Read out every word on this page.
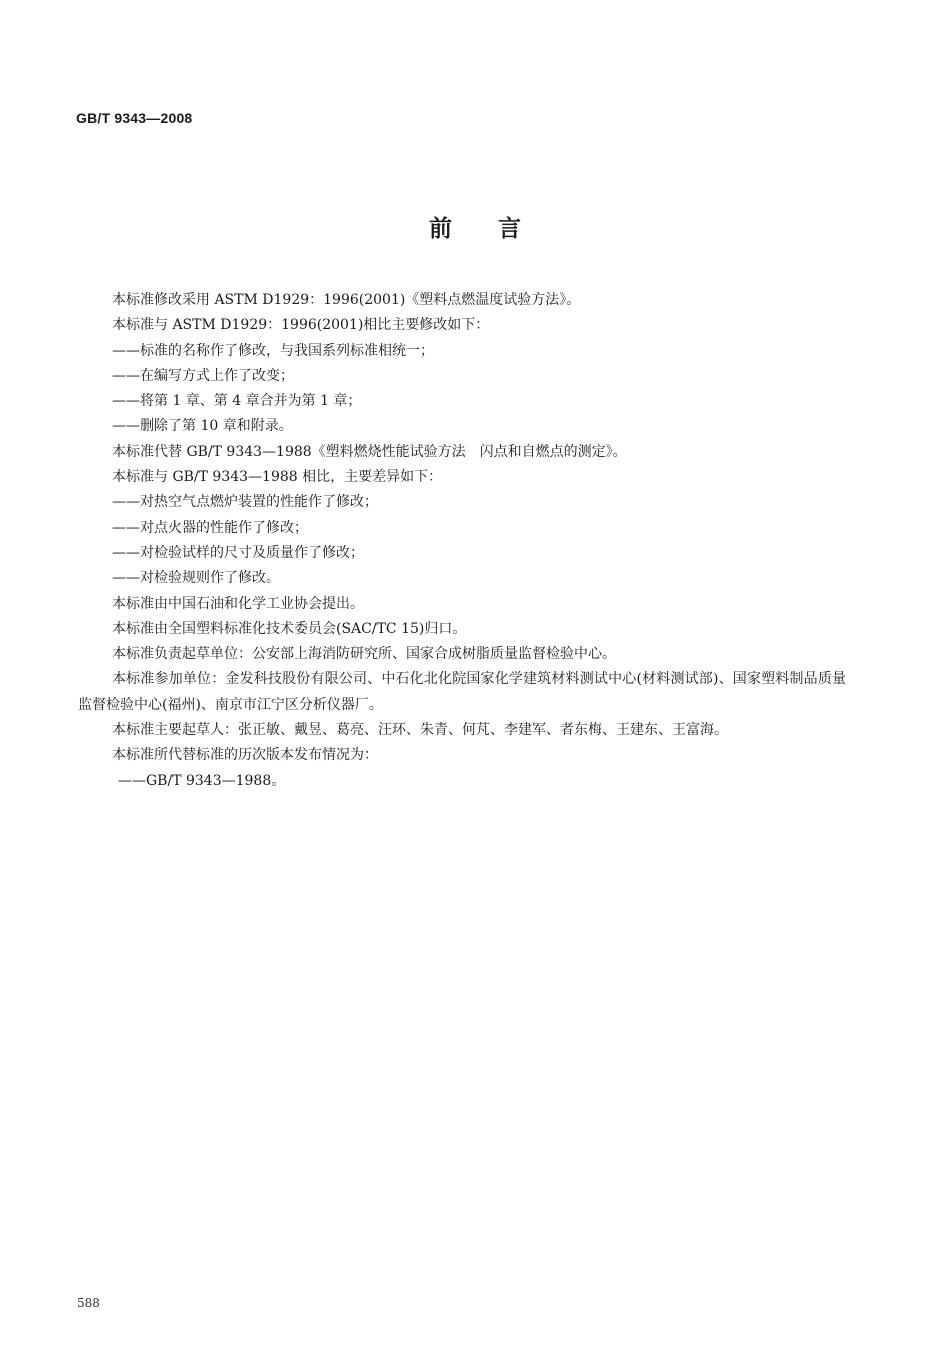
GB/T 9343—2008
前言
本标准修改采用 ASTM D1929：1996(2001)《塑料点燃温度试验方法》。
本标准与 ASTM D1929：1996(2001)相比主要修改如下：
——标准的名称作了修改，与我国系列标准相统一；
——在编写方式上作了改变；
——将第 1 章、第 4 章合并为第 1 章；
——删除了第 10 章和附录。
本标准代替 GB/T 9343—1988《塑料燃烧性能试验方法　闪点和自燃点的测定》。
本标准与 GB/T 9343—1988 相比，主要差异如下：
——对热空气点燃炉装置的性能作了修改；
——对点火器的性能作了修改；
——对检验试样的尺寸及质量作了修改；
——对检验规则作了修改。
本标准由中国石油和化学工业协会提出。
本标准由全国塑料标准化技术委员会(SAC/TC 15)归口。
本标准负责起草单位：公安部上海消防研究所、国家合成树脂质量监督检验中心。
本标准参加单位：金发科技股份有限公司、中石化北化院国家化学建筑材料测试中心(材料测试部)、国家塑料制品质量监督检验中心(福州)、南京市江宁区分析仪器厂。
本标准主要起草人：张正敏、戴昱、葛亮、汪环、朱青、何芃、李建军、者东梅、王建东、王富海。
本标准所代替标准的历次版本发布情况为：
——GB/T 9343—1988。
588
